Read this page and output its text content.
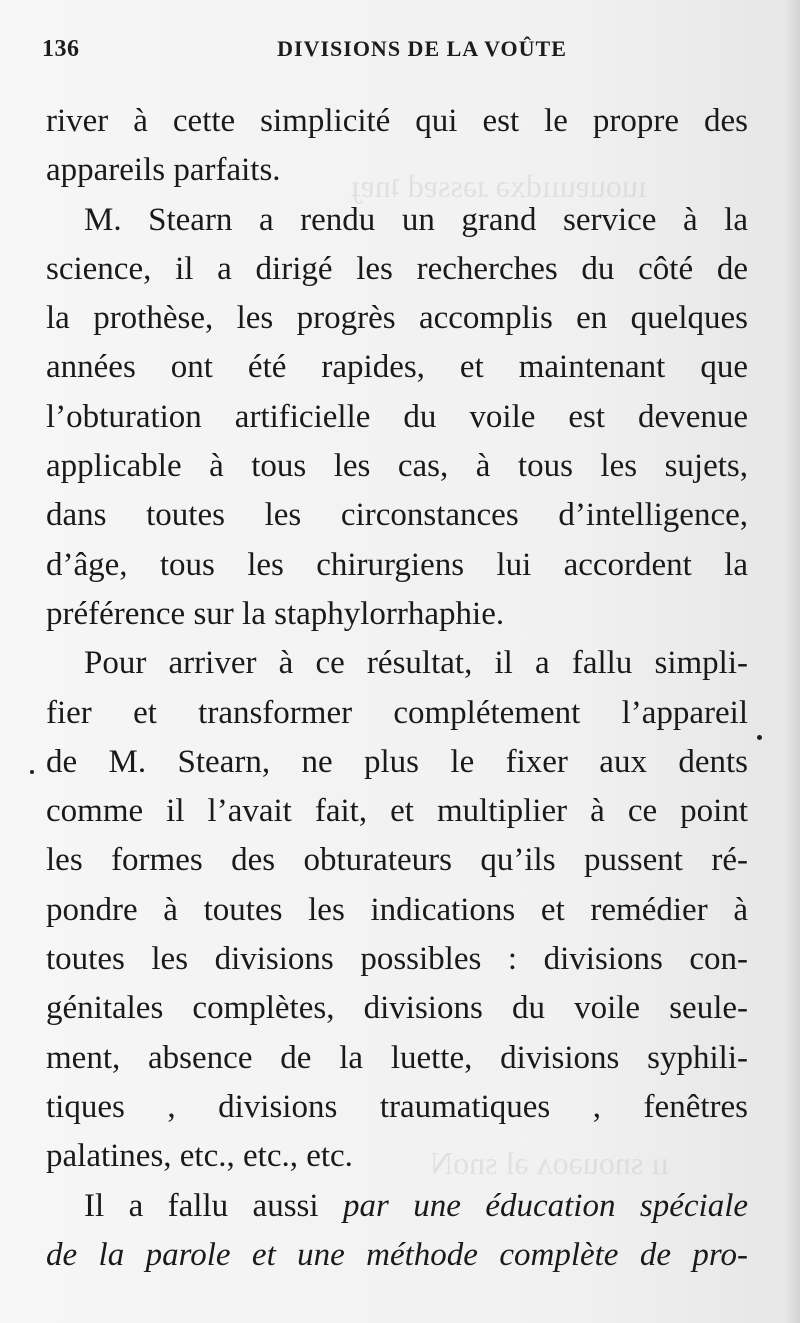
ıuouɐuııdxǝ ɹǝssɐd ʇnɐɟ
ıı snouǝoʌ ǝl snoN
136	DIVISIONS DE LA VOÛTE
river à cette simplicité qui est le propre des
appareils parfaits.
M. Stearn a rendu un grand service à la
science, il a dirigé les recherches du côté de
la prothèse, les progrès accomplis en quelques
années ont été rapides, et maintenant que
l’obturation artificielle du voile est devenue
applicable à tous les cas, à tous les sujets,
dans toutes les circonstances d’intelligence,
d’âge, tous les chirurgiens lui accordent la
préférence sur la staphylorrhaphie.
Pour arriver à ce résultat, il a fallu simpli-
fier et transformer complétement l’appareil
de M. Stearn, ne plus le fixer aux dents
comme il l’avait fait, et multiplier à ce point
les formes des obturateurs qu’ils pussent ré-
pondre à toutes les indications et remédier à
toutes les divisions possibles : divisions con-
génitales complètes, divisions du voile seule-
ment, absence de la luette, divisions syphili-
tiques , divisions traumatiques , fenêtres
palatines, etc., etc., etc.
Il a fallu aussi par une éducation spéciale
de la parole et une méthode complète de pro-
